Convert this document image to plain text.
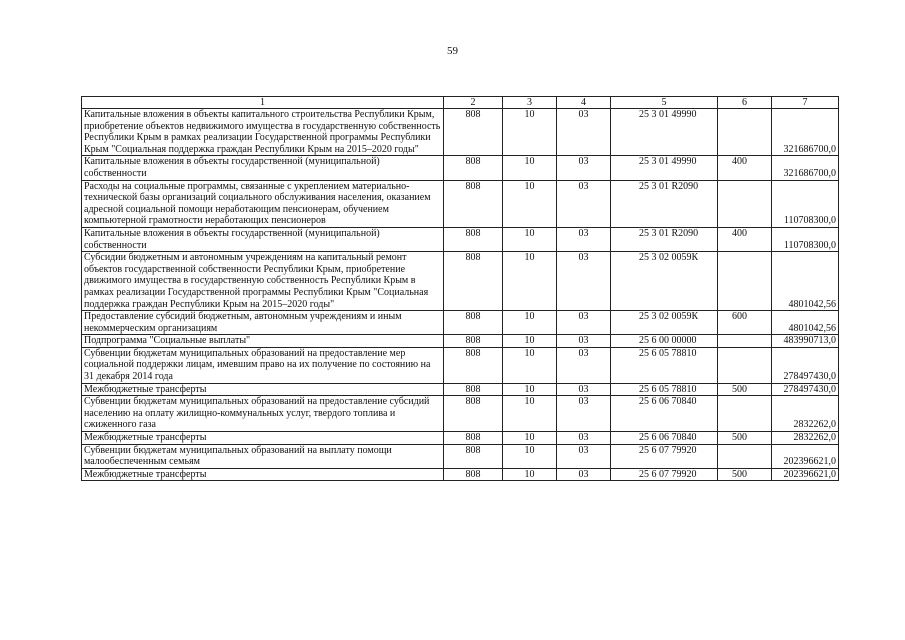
59
1	2	3	4	5	6	7
Капитальные вложения в объекты капитального строительства Республики Крым, приобретение объектов недвижимого имущества в государственную собственность Республики Крым в рамках реализации Государственной программы Республики Крым "Социальная поддержка граждан Республики Крым на 2015–2020 годы"	808	10	03	25 3 01 49990		321686700,0
Капитальные вложения в объекты государственной (муниципальной) собственности	808	10	03	25 3 01 49990	400	321686700,0
Расходы на социальные программы, связанные с укреплением материально-технической базы организаций социального обслуживания населения, оказанием адресной социальной помощи неработающим пенсионерам, обучением компьютерной грамотности неработающих пенсионеров	808	10	03	25 3 01 R2090		110708300,0
Капитальные вложения в объекты государственной (муниципальной) собственности	808	10	03	25 3 01 R2090	400	110708300,0
Субсидии бюджетным и автономным учреждениям на капитальный ремонт объектов государственной собственности Республики Крым, приобретение движимого имущества в государственную собственность Республики Крым в рамках реализации Государственной программы Республики Крым "Социальная поддержка граждан Республики Крым на 2015–2020 годы"	808	10	03	25 3 02 0059К		4801042,56
Предоставление субсидий бюджетным, автономным учреждениям и иным некоммерческим организациям	808	10	03	25 3 02 0059К	600	4801042,56
Подпрограмма "Социальные выплаты"	808	10	03	25 6 00 00000		483990713,0
Субвенции бюджетам муниципальных образований на предоставление мер социальной поддержки лицам, имевшим право на их получение по состоянию на 31 декабря 2014 года	808	10	03	25 6 05 78810		278497430,0
Межбюджетные трансферты	808	10	03	25 6 05 78810	500	278497430,0
Субвенции бюджетам муниципальных образований на предоставление субсидий населению на оплату жилищно-коммунальных услуг, твердого топлива и сжиженного газа	808	10	03	25 6 06 70840		2832262,0
Межбюджетные трансферты	808	10	03	25 6 06 70840	500	2832262,0
Субвенции бюджетам муниципальных образований на выплату помощи малообеспеченным семьям	808	10	03	25 6 07 79920		202396621,0
Межбюджетные трансферты	808	10	03	25 6 07 79920	500	202396621,0
